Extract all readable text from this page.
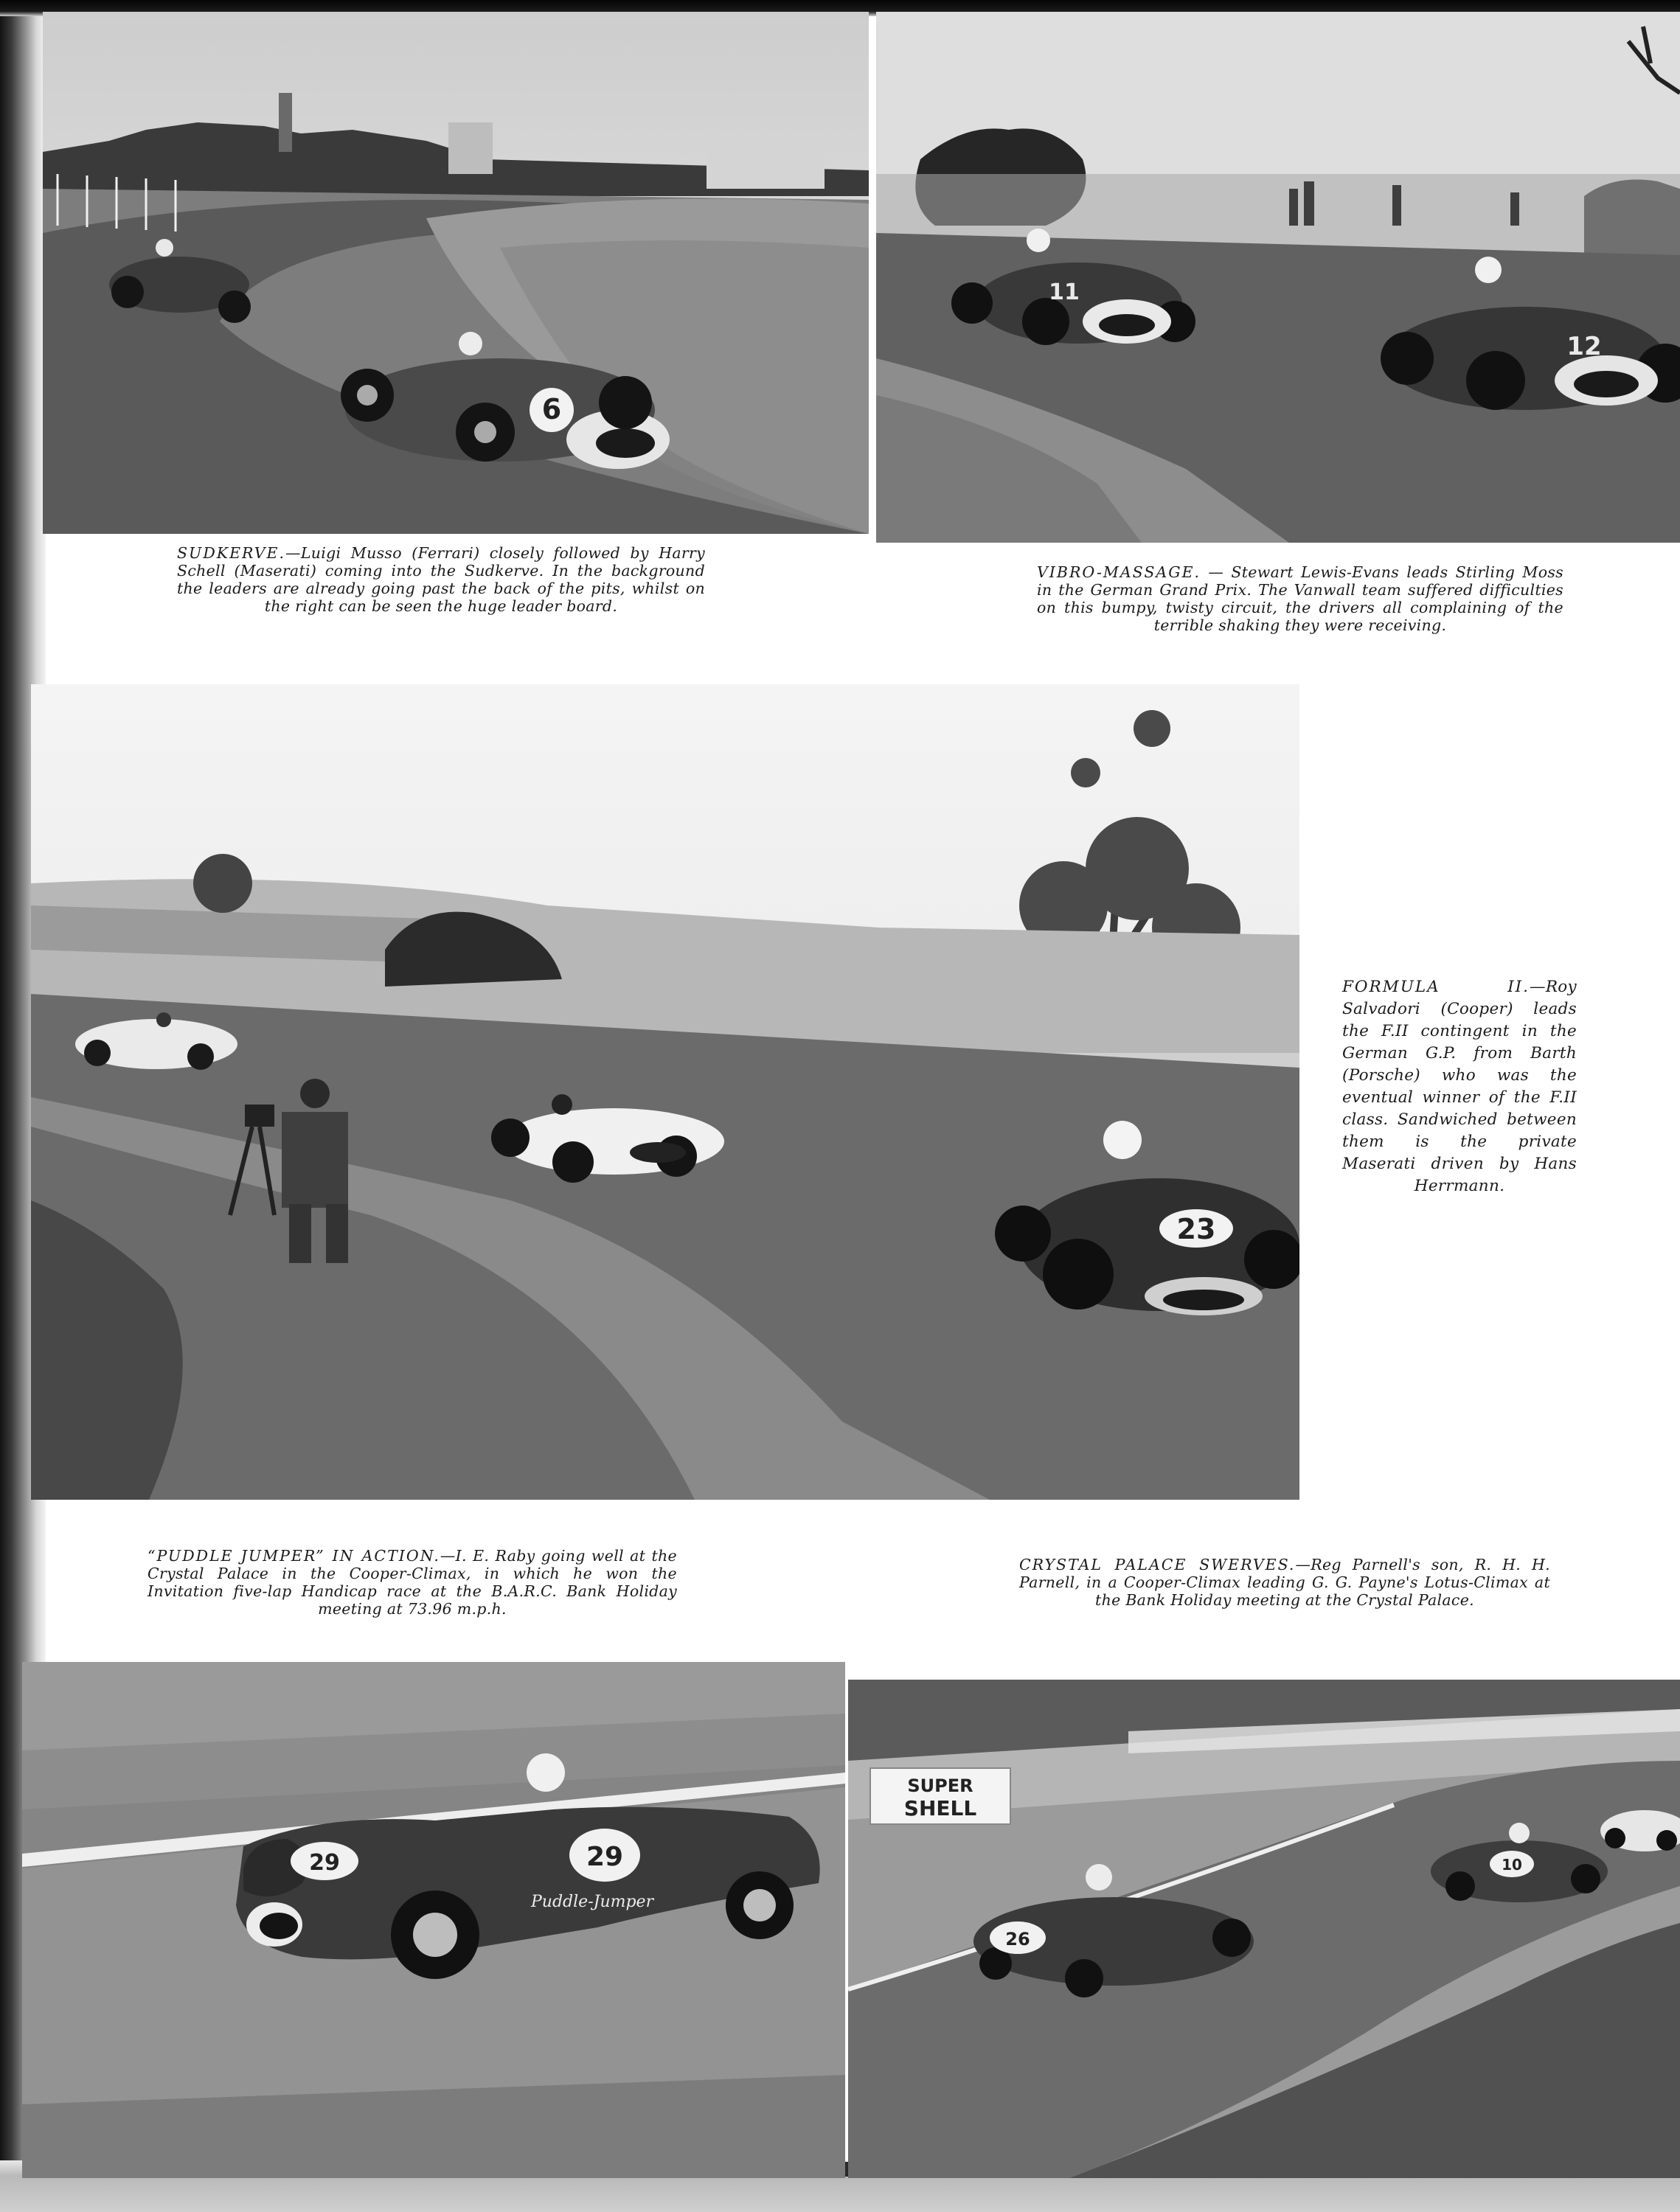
6
11
12

SUDKERVE.—Luigi Musso (Ferrari) closely followed by Harry Schell (Maserati) coming into the Sudkerve. In the background the leaders are already going past the back of the pits, whilst on the right can be seen the huge leader board.

VIBRO-MASSAGE. — Stewart Lewis-Evans leads Stirling Moss in the German Grand Prix. The Vanwall team suffered difficulties on this bumpy, twisty circuit, the drivers all complaining of the terrible shaking they were receiving.

23

FORMULA II.—Roy Salvadori (Cooper) leads the F.II contingent in the German G.P. from Barth (Porsche) who was the eventual winner of the F.II class. Sandwiched between them is the private Maserati driven by Hans Herrmann.

“PUDDLE JUMPER” IN ACTION.—I. E. Raby going well at the Crystal Palace in the Cooper-Climax, in which he won the Invitation five-lap Handicap race at the B.A.R.C. Bank Holiday meeting at 73.96 m.p.h.

CRYSTAL PALACE SWERVES.—Reg Parnell's son, R. H. H. Parnell, in a Cooper-Climax leading G. G. Payne's Lotus-Climax at the Bank Holiday meeting at the Crystal Palace.

29	29
Puddle-Jumper
SUPER
SHELL
26
10
